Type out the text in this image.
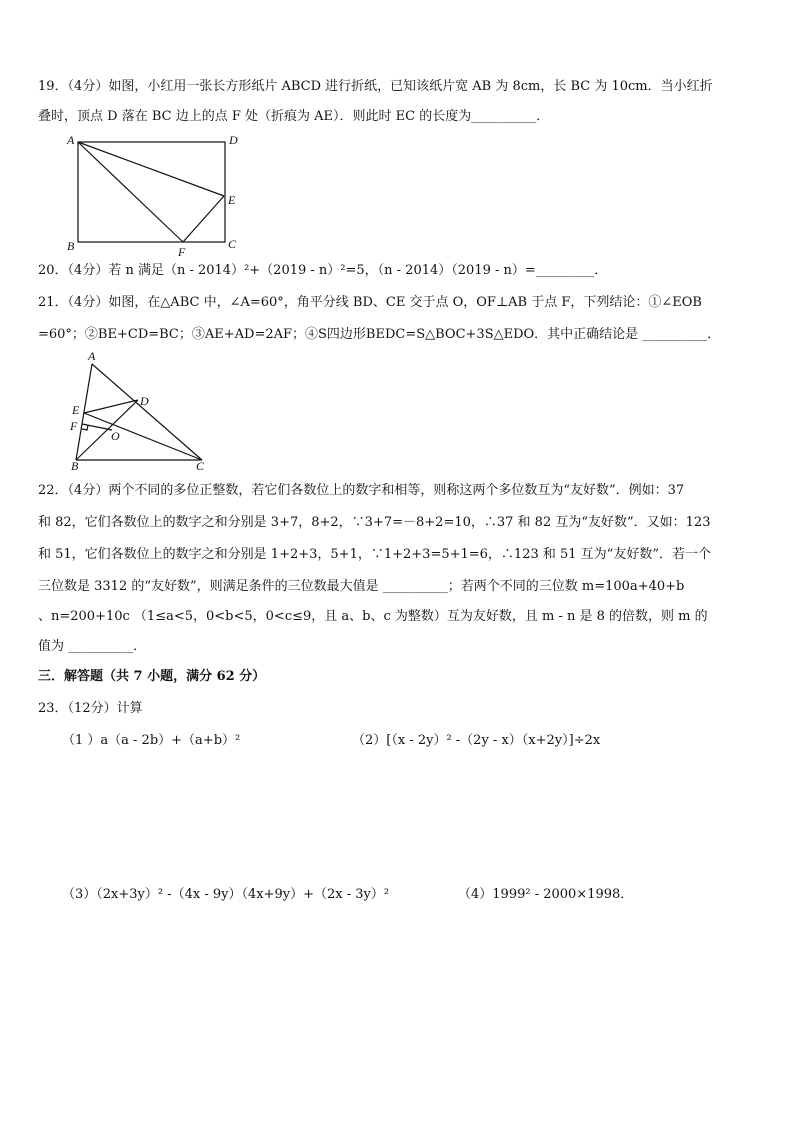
19．（4分）如图，小红用一张长方形纸片 ABCD 进行折纸，已知该纸片宽 AB 为 8cm，长 BC 为 10cm．当小红折
叠时，顶点 D 落在 BC 边上的点 F 处（折痕为 AE）．则此时 EC 的长度为__________．
A	D
E
B	C
F
20．（4分）若 n 满足（n - 2014）²+（2019 - n）²=5，（n - 2014）（2019 - n）=_________．
21．（4分）如图，在△ABC 中，∠A=60°，角平分线 BD、CE 交于点 O，OF⊥AB 于点 F，下列结论：①∠EOB
=60°；②BE+CD=BC；③AE+AD=2AF；④S四边形BEDC=S△BOC+3S△EDO．其中正确结论是 __________．
A
D
E
F
O
B	C
22．（4分）两个不同的多位正整数，若它们各数位上的数字和相等，则称这两个多位数互为“友好数”．例如：37
和 82，它们各数位上的数字之和分别是 3+7，8+2，∵3+7=－8+2=10，∴37 和 82 互为“友好数”．又如：123
和 51，它们各数位上的数字之和分别是 1+2+3，5+1，∵1+2+3=5+1=6，∴123 和 51 互为“友好数”．若一个
三位数是 3312 的“友好数”，则满足条件的三位数最大值是 __________；若两个不同的三位数 m=100a+40+b
、n=200+10c （1≤a<5，0<b<5，0<c≤9，且 a、b、c 为整数）互为友好数，且 m - n 是 8 的倍数，则 m 的
值为 __________．
三．解答题（共 7 小题，满分 62 分）
23．（12分）计算
（1 ）a（a - 2b）+（a+b）²	（2）[（x - 2y）² -（2y - x）（x+2y）]÷2x
（3）（2x+3y）² -（4x - 9y）（4x+9y）+（2x - 3y）²	（4）1999² - 2000×1998．
